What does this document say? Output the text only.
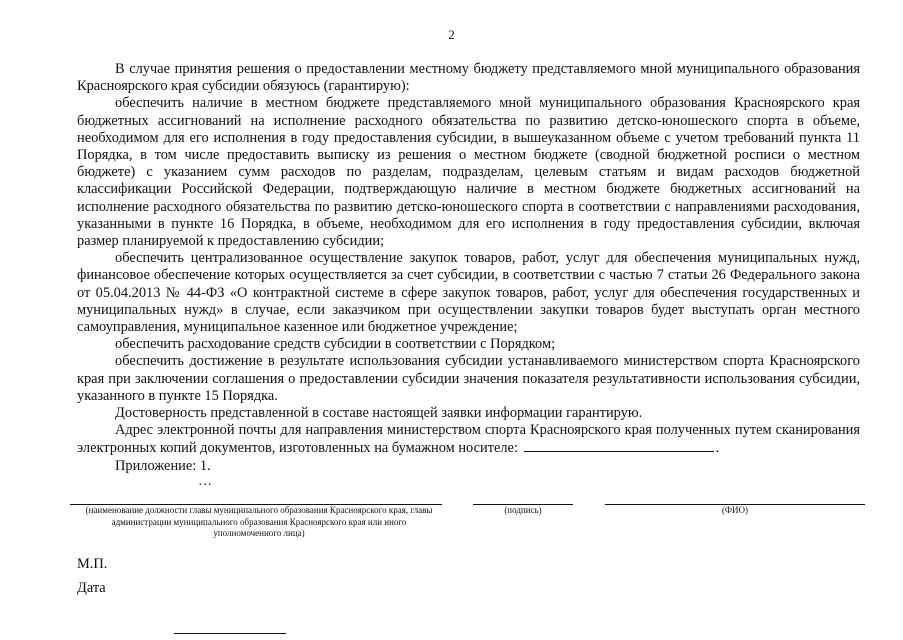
2

В случае принятия решения о предоставлении местному бюджету представляемого мной муниципального образования Красноярского края субсидии обязуюсь (гарантирую):

обеспечить наличие в местном бюджете представляемого мной муниципального образования Красноярского края бюджетных ассигнований на исполнение расходного обязательства по развитию детско-юношеского спорта в объеме, необходимом для его исполнения в году предоставления субсидии, в вышеуказанном объеме с учетом требований пункта 11 Порядка, в том числе предоставить выписку из решения о местном бюджете (сводной бюджетной росписи о местном бюджете) с указанием сумм расходов по разделам, подразделам, целевым статьям и видам расходов бюджетной классификации Российской Федерации, подтверждающую наличие в местном бюджете бюджетных ассигнований на исполнение расходного обязательства по развитию детско-юношеского спорта в соответствии с направлениями расходования, указанными в пункте 16 Порядка, в объеме, необходимом для его исполнения в году предоставления субсидии, включая размер планируемой к предоставлению субсидии;

обеспечить централизованное осуществление закупок товаров, работ, услуг для обеспечения муниципальных нужд, финансовое обеспечение которых осуществляется за счет субсидии, в соответствии с частью 7 статьи 26 Федерального закона от 05.04.2013 № 44-ФЗ «О контрактной системе в сфере закупок товаров, работ, услуг для обеспечения государственных и муниципальных нужд» в случае, если заказчиком при осуществлении закупки товаров будет выступать орган местного самоуправления, муниципальное казенное или бюджетное учреждение;

обеспечить расходование средств субсидии в соответствии с Порядком;

обеспечить достижение в результате использования субсидии устанавливаемого министерством спорта Красноярского края при заключении соглашения о предоставлении субсидии значения показателя результативности использования субсидии, указанного в пункте 15 Порядка.

Достоверность представленной в составе настоящей заявки информации гарантирую.

Адрес электронной почты для направления министерством спорта Красноярского края полученных путем сканирования электронных копий документов, изготовленных на бумажном носителе:	.

Приложение: 1.

…
(наименование должности главы муниципального образования Красноярского края, главы администрации муниципального образования Красноярского края или иного уполномоченного лица)
(подпись)	(ФИО)
М.П.
Дата
